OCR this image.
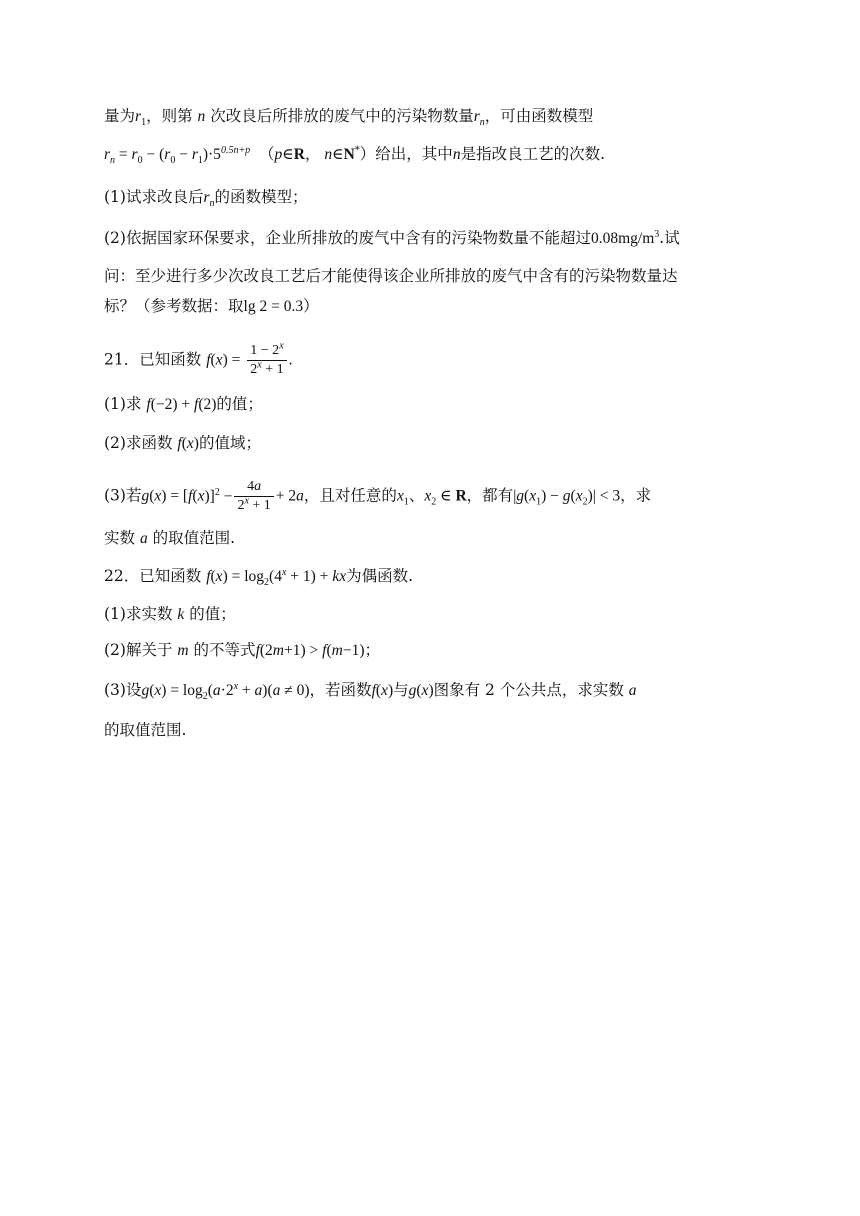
量为$r_1$，则第 n 次改良后所排放的废气中的污染物数量$r_n$，可由函数模型
$r_n = r_0 - (r_0 - r_1)\cdot 5^{0.5n+p}$  （p∈R， n∈N*）给出，其中n是指改良工艺的次数.
(1)试求改良后$r_n$的函数模型；
(2)依据国家环保要求，企业所排放的废气中含有的污染物数量不能超过$0.08mg/m^3$.试
问：至少进行多少次改良工艺后才能使得该企业所排放的废气中含有的污染物数量达
标？（参考数据：取lg 2 = 0.3）
21．已知函数 $f(x) = \frac{1 - 2^x}{2^x + 1}$ .
(1)求 f(−2) + f(2)的值；
(2)求函数 f(x)的值域；
(3)若$g(x) = [f(x)]^2 - \frac{4a}{2^x + 1} + 2a$，且对任意的$x_1$、$x_2$ ∈ R，都有$|g(x_1) - g(x_2)| < 3$，求
实数 a 的取值范围.
22．已知函数 $f(x) = \log_2(4^x + 1)$ + kx为偶函数.
(1)求实数 k 的值；
(2)解关于 m 的不等式f(2m+1) > f(m−1)；
(3)设$g(x) = \log_2(a\cdot 2^x + a)(a \ne 0)$，若函数f(x)与g(x)图象有 2 个公共点，求实数 a
的取值范围.
